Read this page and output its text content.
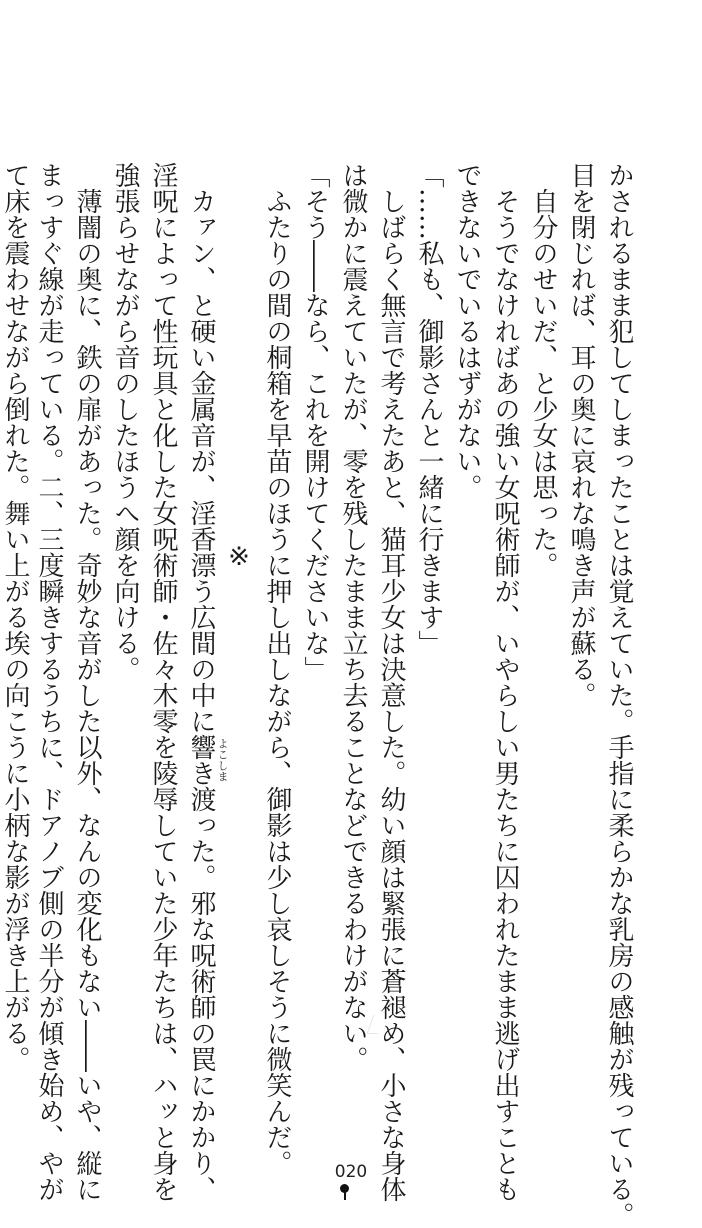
かされるまま犯してしまったことは覚えていた。手指に柔らかな乳房の感触が残っている。
目を閉じれば、耳の奥に哀れな鳴き声が蘇る。
　自分のせいだ、と少女は思った。
　そうでなければあの強い女呪術師が、いやらしい男たちに囚われたまま逃げ出すことも
できないでいるはずがない。
「……私も、御影さんと一緒に行きます」
　しばらく無言で考えたあと、猫耳少女は決意した。幼い顔は緊張に蒼褪め、小さな身体
は微かに震えていたが、零を残したまま立ち去ることなどできるわけがない。
「そう――なら、これを開けてくださいな」
　ふたりの間の桐箱を早苗のほうに押し出しながら、御影は少し哀しそうに微笑んだ。
※
　カァン、と硬い金属音が、淫香漂う広間の中に響き渡った。邪な呪術師の罠にかかり、
淫呪によって性玩具と化した女呪術師・佐々木零を陵辱していた少年たちは、ハッと身を
強張らせながら音のしたほうへ顔を向ける。
　薄闇の奥に、鉄の扉があった。奇妙な音がした以外、なんの変化もない――いや、縦に
まっすぐ線が走っている。二、三度瞬きするうちに、ドアノブ側の半分が傾き始め、やが
て床を震わせながら倒れた。舞い上がる埃の向こうに小柄な影が浮き上がる。	よこしま
020
